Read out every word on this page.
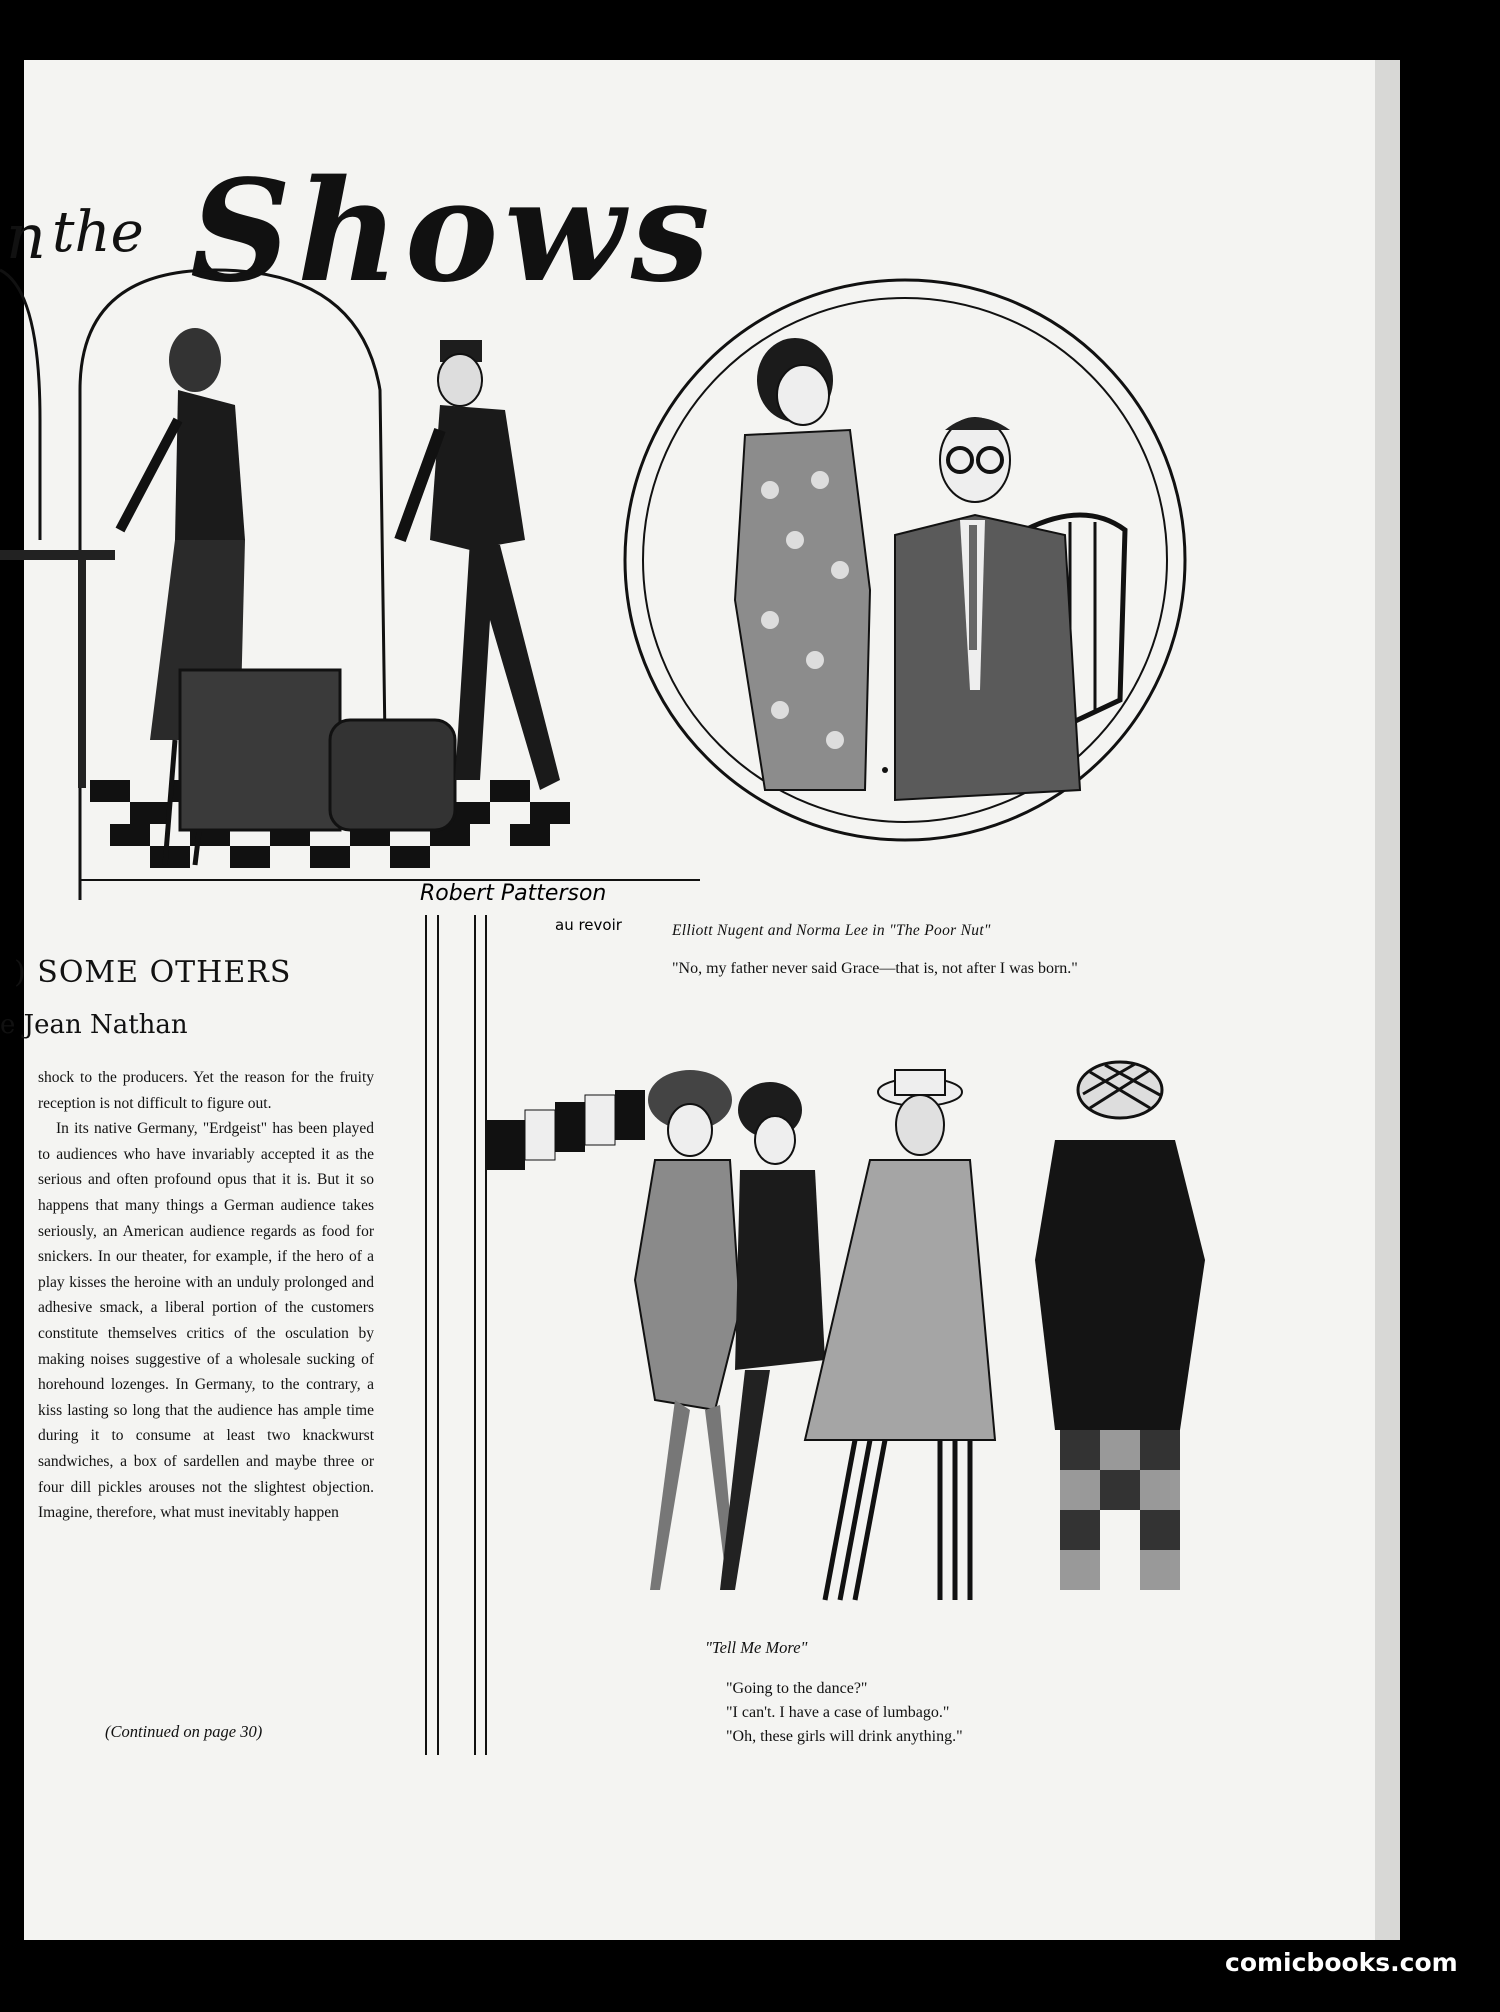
n the Shows
Robert Patterson
au revoir	Elliott Nugent and Norma Lee in "The Poor Nut"
"No, my father never said Grace—that is, not after I was born."
) SOME OTHERS
e Jean Nathan

shock to the producers. Yet the reason for the fruity reception is not difficult to figure out.

In its native Germany, "Erdgeist" has been played to audiences who have invariably accepted it as the serious and often profound opus that it is. But it so happens that many things a German audience takes seriously, an American audience regards as food for snickers. In our theater, for example, if the hero of a play kisses the heroine with an unduly prolonged and adhesive smack, a liberal portion of the customers constitute themselves critics of the osculation by making noises suggestive of a wholesale sucking of horehound lozenges. In Germany, to the contrary, a kiss lasting so long that the audience has ample time during it to consume at least two knackwurst sandwiches, a box of sardellen and maybe three or four dill pickles arouses not the slightest objection. Imagine, therefore, what must inevitably happen

(Continued on page 30)
"Tell Me More"
"Going to the dance?"
"I can't. I have a case of lumbago."
"Oh, these girls will drink anything."
comicbooks.com
